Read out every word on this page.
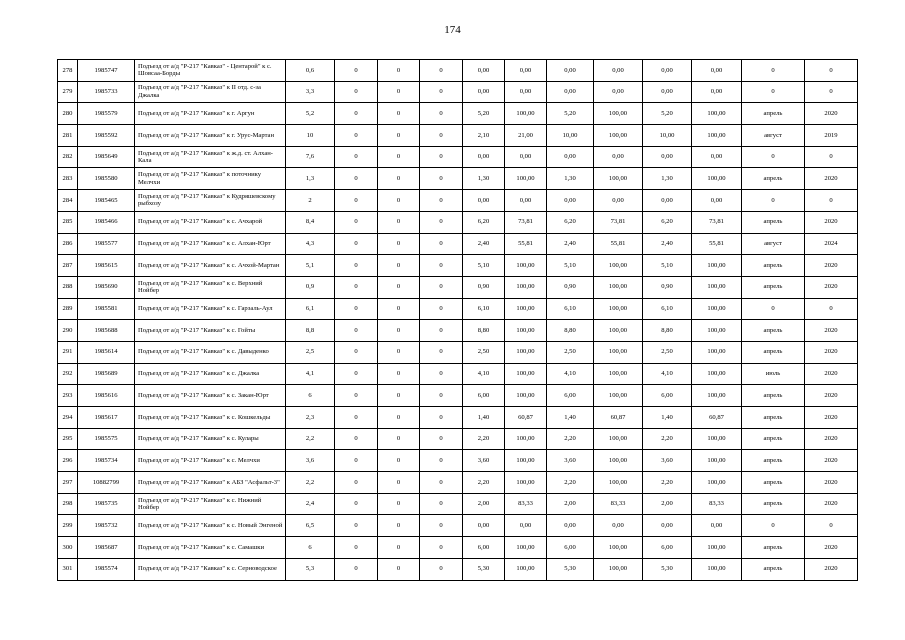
174
278	1985747	Подъезд от а/д "Р-217 "Кавказ" - Центарой" к с. Шовсаа-Борды	0,6	0	0	0	0,00	0,00	0,00	0,00	0,00	0,00	0	0
279	1985733	Подъезд от а/д "Р-217 "Кавказ" к II отд. с-за Джалка	3,3	0	0	0	0,00	0,00	0,00	0,00	0,00	0,00	0	0
280	1985579	Подъезд от а/д "Р-217 "Кавказ" к г. Аргун	5,2	0	0	0	5,20	100,00	5,20	100,00	5,20	100,00	апрель	2020
281	1985592	Подъезд от а/д "Р-217 "Кавказ" к г. Урус-Мартан	10	0	0	0	2,10	21,00	10,00	100,00	10,00	100,00	август	2019
282	1985649	Подъезд от а/д "Р-217 "Кавказ" к ж.д. ст. Алхан-Кала	7,6	0	0	0	0,00	0,00	0,00	0,00	0,00	0,00	0	0
283	1985580	Подъезд от а/д "Р-217 "Кавказ" к поточнику Мелчхи	1,3	0	0	0	1,30	100,00	1,30	100,00	1,30	100,00	апрель	2020
284	1985465	Подъезд от а/д "Р-217 "Кавказ" к Кудряшевскому рыбхозу	2	0	0	0	0,00	0,00	0,00	0,00	0,00	0,00	0	0
285	1985466	Подъезд от а/д "Р-217 "Кавказ" к с. Ачхарой	8,4	0	0	0	6,20	73,81	6,20	73,81	6,20	73,81	апрель	2020
286	1985577	Подъезд от а/д "Р-217 "Кавказ" к с. Алхан-Юрт	4,3	0	0	0	2,40	55,81	2,40	55,81	2,40	55,81	август	2024
287	1985615	Подъезд от а/д "Р-217 "Кавказ" к с. Ачхой-Мартан	5,1	0	0	0	5,10	100,00	5,10	100,00	5,10	100,00	апрель	2020
288	1985690	Подъезд от а/д "Р-217 "Кавказ" к с. Верхний Нойбер	0,9	0	0	0	0,90	100,00	0,90	100,00	0,90	100,00	апрель	2020
289	1985581	Подъезд от а/д "Р-217 "Кавказ" к с. Гарзаль-Аул	6,1	0	0	0	6,10	100,00	6,10	100,00	6,10	100,00	0	0
290	1985688	Подъезд от а/д "Р-217 "Кавказ" к с. Гойты	8,8	0	0	0	8,80	100,00	8,80	100,00	8,80	100,00	апрель	2020
291	1985614	Подъезд от а/д "Р-217 "Кавказ" к с. Давыденко	2,5	0	0	0	2,50	100,00	2,50	100,00	2,50	100,00	апрель	2020
292	1985689	Подъезд от а/д "Р-217 "Кавказ" к с. Джалка	4,1	0	0	0	4,10	100,00	4,10	100,00	4,10	100,00	июль	2020
293	1985616	Подъезд от а/д "Р-217 "Кавказ" к с. Закан-Юрт	6	0	0	0	6,00	100,00	6,00	100,00	6,00	100,00	апрель	2020
294	1985617	Подъезд от а/д "Р-217 "Кавказ" к с. Кошкельды	2,3	0	0	0	1,40	60,87	1,40	60,87	1,40	60,87	апрель	2020
295	1985575	Подъезд от а/д "Р-217 "Кавказ" к с. Кулары	2,2	0	0	0	2,20	100,00	2,20	100,00	2,20	100,00	апрель	2020
296	1985734	Подъезд от а/д "Р-217 "Кавказ" к с. Мелчхи	3,6	0	0	0	3,60	100,00	3,60	100,00	3,60	100,00	апрель	2020
297	10882799	Подъезд от а/д "Р-217 "Кавказ" к АБЗ "Асфальт-3"	2,2	0	0	0	2,20	100,00	2,20	100,00	2,20	100,00	апрель	2020
298	1985735	Подъезд от а/д "Р-217 "Кавказ" к с. Нижний Нойбер	2,4	0	0	0	2,00	83,33	2,00	83,33	2,00	83,33	апрель	2020
299	1985732	Подъезд от а/д "Р-217 "Кавказ" к с. Новый Энгеной	6,5	0	0	0	0,00	0,00	0,00	0,00	0,00	0,00	0	0
300	1985687	Подъезд от а/д "Р-217 "Кавказ" к с. Самашки	6	0	0	0	6,00	100,00	6,00	100,00	6,00	100,00	апрель	2020
301	1985574	Подъезд от а/д "Р-217 "Кавказ" к с. Серноводское	5,3	0	0	0	5,30	100,00	5,30	100,00	5,30	100,00	апрель	2020
